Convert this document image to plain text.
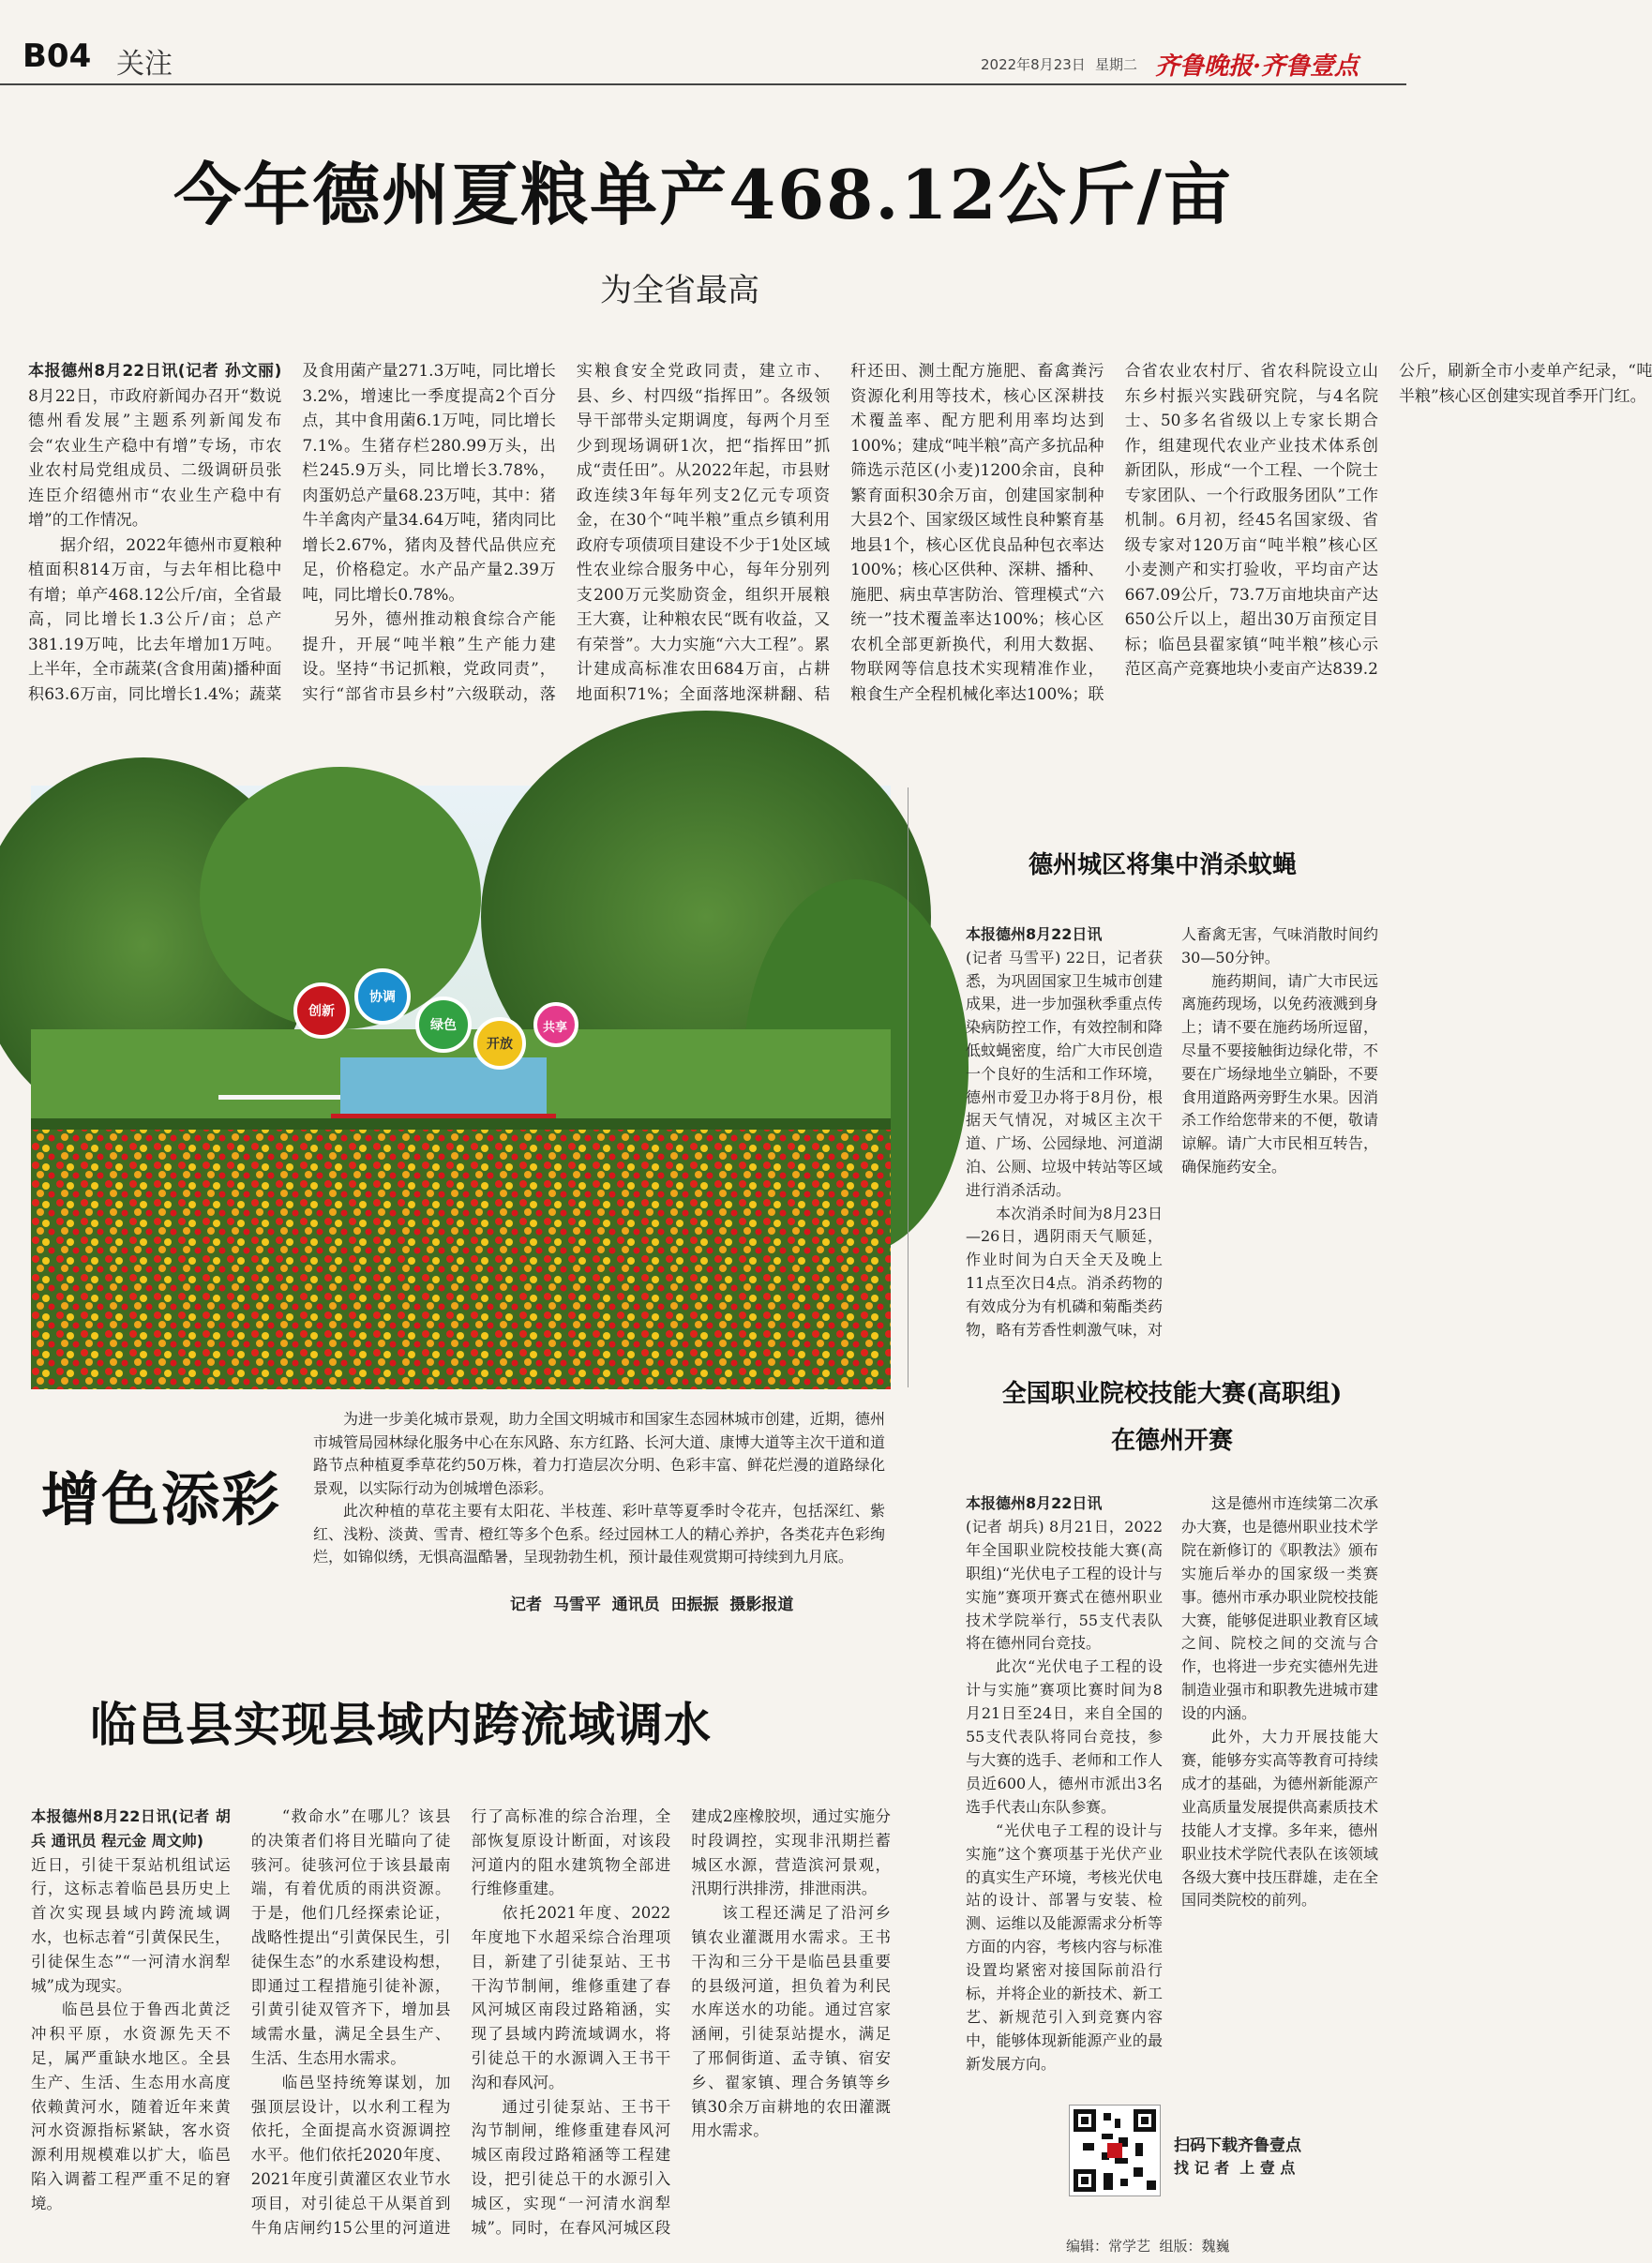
B04 关注	2022年8月23日 星期二 齐鲁晚报·齐鲁壹点
今年德州夏粮单产468.12公斤/亩
为全省最高

本报德州8月22日讯(记者 孙文丽) 8月22日，市政府新闻办召开“数说德州看发展”主题系列新闻发布会“农业生产稳中有增”专场，市农业农村局党组成员、二级调研员张连臣介绍德州市“农业生产稳中有增”的工作情况。

据介绍，2022年德州市夏粮种植面积814万亩，与去年相比稳中有增；单产468.12公斤/亩，全省最高，同比增长1.3公斤/亩；总产381.19万吨，比去年增加1万吨。上半年，全市蔬菜(含食用菌)播种面积63.6万亩，同比增长1.4%；蔬菜及食用菌产量271.3万吨，同比增长3.2%，增速比一季度提高2个百分点，其中食用菌6.1万吨，同比增长7.1%。生猪存栏280.99万头，出栏245.9万头，同比增长3.78%，肉蛋奶总产量68.23万吨，其中：猪牛羊禽肉产量34.64万吨，猪肉同比增长2.67%，猪肉及替代品供应充足，价格稳定。水产品产量2.39万吨，同比增长0.78%。

另外，德州推动粮食综合产能提升，开展“吨半粮”生产能力建设。坚持“书记抓粮，党政同责”，实行“部省市县乡村”六级联动，落实粮食安全党政同责，建立市、县、乡、村四级“指挥田”。各级领导干部带头定期调度，每两个月至少到现场调研1次，把“指挥田”抓成“责任田”。从2022年起，市县财政连续3年每年列支2亿元专项资金，在30个“吨半粮”重点乡镇利用政府专项债项目建设不少于1处区域性农业综合服务中心，每年分别列支200万元奖励资金，组织开展粮王大赛，让种粮农民“既有收益，又有荣誉”。大力实施“六大工程”。累计建成高标准农田684万亩，占耕地面积71%；全面落地深耕翻、秸秆还田、测土配方施肥、畜禽粪污资源化利用等技术，核心区深耕技术覆盖率、配方肥利用率均达到100%；建成“吨半粮”高产多抗品种筛选示范区(小麦)1200余亩，良种繁育面积30余万亩，创建国家制种大县2个、国家级区域性良种繁育基地县1个，核心区优良品种包衣率达100%；核心区供种、深耕、播种、施肥、病虫草害防治、管理模式“六统一”技术覆盖率达100%；核心区农机全部更新换代，利用大数据、物联网等信息技术实现精准作业，粮食生产全程机械化率达100%；联合省农业农村厅、省农科院设立山东乡村振兴实践研究院，与4名院士、50多名省级以上专家长期合作，组建现代农业产业技术体系创新团队，形成“一个工程、一个院士专家团队、一个行政服务团队”工作机制。6月初，经45名国家级、省级专家对120万亩“吨半粮”核心区小麦测产和实打验收，平均亩产达667.09公斤，73.7万亩地块亩产达650公斤以上，超出30万亩预定目标；临邑县翟家镇“吨半粮”核心示范区高产竞赛地块小麦亩产达839.2公斤，刷新全市小麦单产纪录，“吨半粮”核心区创建实现首季开门红。

创新
协调
绿色
开放
共享
增色添彩

为进一步美化城市景观，助力全国文明城市和国家生态园林城市创建，近期，德州市城管局园林绿化服务中心在东风路、东方红路、长河大道、康博大道等主次干道和道路节点种植夏季草花约50万株，着力打造层次分明、色彩丰富、鲜花烂漫的道路绿化景观，以实际行动为创城增色添彩。

此次种植的草花主要有太阳花、半枝莲、彩叶草等夏季时令花卉，包括深红、紫红、浅粉、淡黄、雪青、橙红等多个色系。经过园林工人的精心养护，各类花卉色彩绚烂，如锦似绣，无惧高温酷暑，呈现勃勃生机，预计最佳观赏期可持续到九月底。

记者  马雪平  通讯员  田振振  摄影报道
德州城区将集中消杀蚊蝇

本报德州8月22日讯

(记者 马雪平) 22日，记者获悉，为巩固国家卫生城市创建成果，进一步加强秋季重点传染病防控工作，有效控制和降低蚊蝇密度，给广大市民创造一个良好的生活和工作环境，德州市爱卫办将于8月份，根据天气情况，对城区主次干道、广场、公园绿地、河道湖泊、公厕、垃圾中转站等区域进行消杀活动。

本次消杀时间为8月23日—26日，遇阴雨天气顺延，作业时间为白天全天及晚上11点至次日4点。消杀药物的有效成分为有机磷和菊酯类药物，略有芳香性刺激气味，对人畜禽无害，气味消散时间约30—50分钟。

施药期间，请广大市民远离施药现场，以免药液溅到身上；请不要在施药场所逗留，尽量不要接触街边绿化带，不要在广场绿地坐立躺卧，不要食用道路两旁野生水果。因消杀工作给您带来的不便，敬请谅解。请广大市民相互转告，确保施药安全。

全国职业院校技能大赛(高职组)
在德州开赛

本报德州8月22日讯

(记者 胡兵) 8月21日，2022年全国职业院校技能大赛(高职组)“光伏电子工程的设计与实施”赛项开赛式在德州职业技术学院举行，55支代表队将在德州同台竞技。

此次“光伏电子工程的设计与实施”赛项比赛时间为8月21日至24日，来自全国的55支代表队将同台竞技，参与大赛的选手、老师和工作人员近600人，德州市派出3名选手代表山东队参赛。

“光伏电子工程的设计与实施”这个赛项基于光伏产业的真实生产环境，考核光伏电站的设计、部署与安装、检测、运维以及能源需求分析等方面的内容，考核内容与标准设置均紧密对接国际前沿行标，并将企业的新技术、新工艺、新规范引入到竞赛内容中，能够体现新能源产业的最新发展方向。

这是德州市连续第二次承办大赛，也是德州职业技术学院在新修订的《职教法》颁布实施后举办的国家级一类赛事。德州市承办职业院校技能大赛，能够促进职业教育区域之间、院校之间的交流与合作，也将进一步充实德州先进制造业强市和职教先进城市建设的内涵。

此外，大力开展技能大赛，能够夯实高等教育可持续成才的基础，为德州新能源产业高质量发展提供高素质技术技能人才支撑。多年来，德州职业技术学院代表队在该领域各级大赛中技压群雄，走在全国同类院校的前列。

临邑县实现县域内跨流域调水

本报德州8月22日讯(记者 胡兵 通讯员 程元金 周文帅)

近日，引徒干泵站机组试运行，这标志着临邑县历史上首次实现县域内跨流域调水，也标志着“引黄保民生，引徒保生态”“一河清水润犁城”成为现实。

临邑县位于鲁西北黄泛冲积平原，水资源先天不足，属严重缺水地区。全县生产、生活、生态用水高度依赖黄河水，随着近年来黄河水资源指标紧缺，客水资源利用规模难以扩大，临邑陷入调蓄工程严重不足的窘境。

“救命水”在哪儿？该县的决策者们将目光瞄向了徒骇河。徒骇河位于该县最南端，有着优质的雨洪资源。于是，他们几经探索论证，战略性提出“引黄保民生，引徒保生态”的水系建设构想，即通过工程措施引徒补源，引黄引徒双管齐下，增加县域需水量，满足全县生产、生活、生态用水需求。

临邑坚持统筹谋划，加强顶层设计，以水利工程为依托，全面提高水资源调控水平。他们依托2020年度、2021年度引黄灌区农业节水项目，对引徒总干从渠首到牛角店闸约15公里的河道进行了高标准的综合治理，全部恢复原设计断面，对该段河道内的阻水建筑物全部进行维修重建。

依托2021年度、2022年度地下水超采综合治理项目，新建了引徒泵站、王书干沟节制闸，维修重建了春风河城区南段过路箱涵，实现了县域内跨流域调水，将引徒总干的水源调入王书干沟和春风河。

通过引徒泵站、王书干沟节制闸，维修重建春风河城区南段过路箱涵等工程建设，把引徒总干的水源引入城区，实现“一河清水润犁城”。同时，在春风河城区段建成2座橡胶坝，通过实施分时段调控，实现非汛期拦蓄城区水源，营造滨河景观，汛期行洪排涝，排泄雨洪。

该工程还满足了沿河乡镇农业灌溉用水需求。王书干沟和三分干是临邑县重要的县级河道，担负着为利民水库送水的功能。通过宫家涵闸，引徒泵站提水，满足了邢侗街道、孟寺镇、宿安乡、翟家镇、理合务镇等乡镇30余万亩耕地的农田灌溉用水需求。

扫码下载齐鲁壹点
找 记 者  上 壹 点
编辑：常学艺  组版：魏巍
